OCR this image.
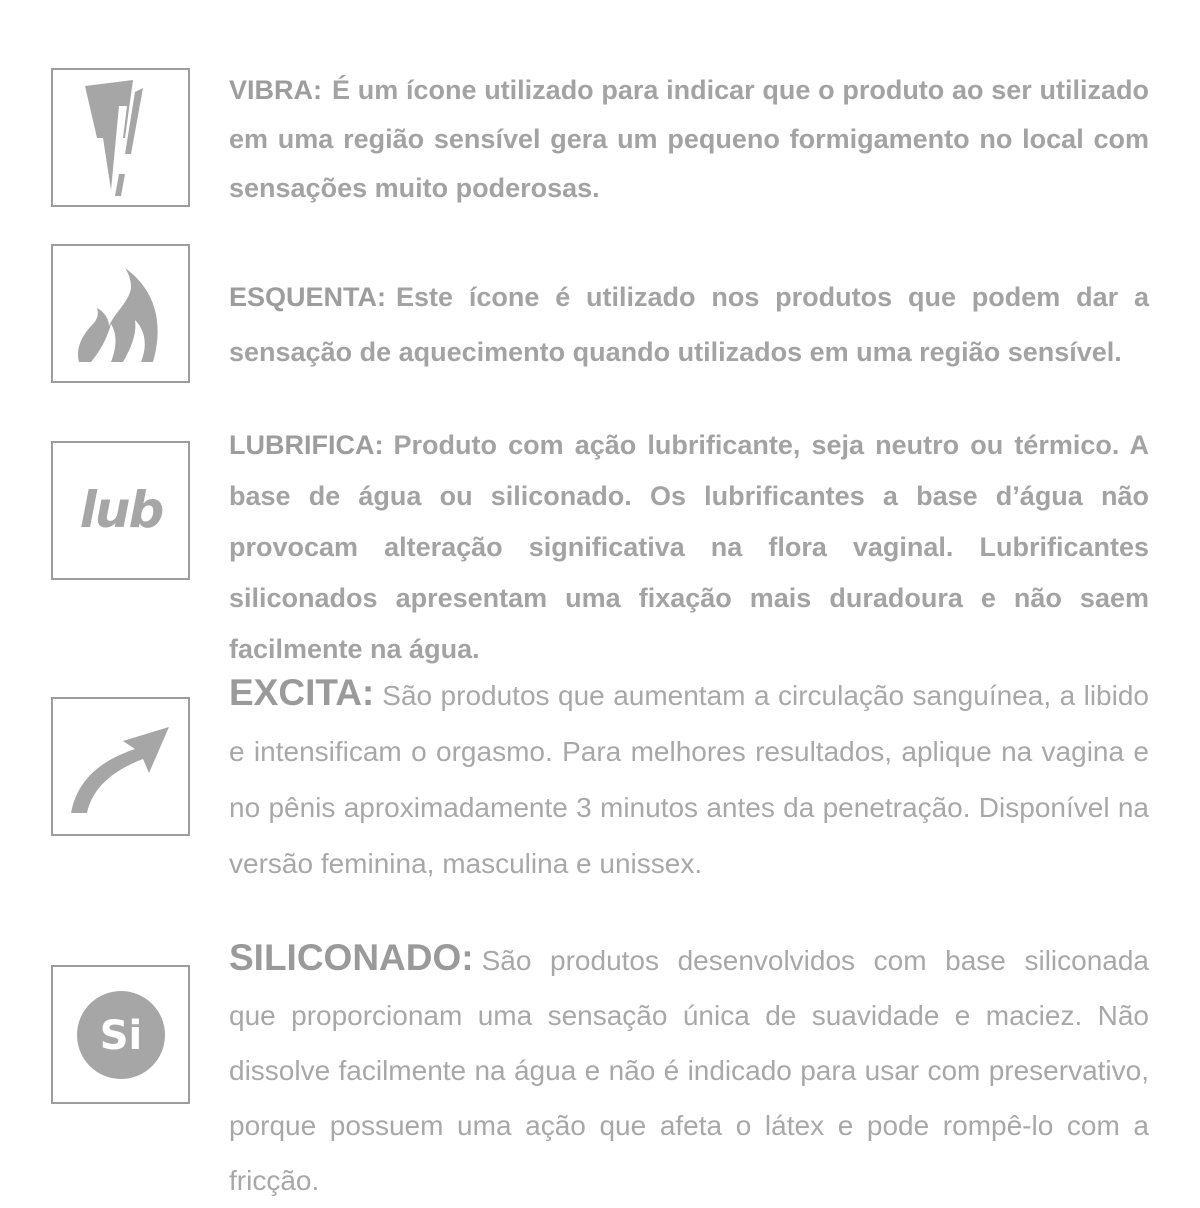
VIBRA: É um ícone utilizado para indicar que o produto ao ser utilizado em uma região sensível gera um pequeno formigamento no local com sensações muito poderosas.

ESQUENTA: Este ícone é utilizado nos produtos que podem dar a sensação de aquecimento quando utilizados em uma região sensível.

lub

LUBRIFICA: Produto com ação lubrificante, seja neutro ou térmico. A base de água ou siliconado. Os lubrificantes a base d’água não provocam alteração significativa na flora vaginal. Lubrificantes siliconados apresentam uma fixação mais duradoura e não saem facilmente na água.

EXCITA: São produtos que aumentam a circulação sanguínea, a libido e intensificam o orgasmo. Para melhores resultados, aplique na vagina e no pênis aproximadamente 3 minutos antes da penetração. Disponível na versão feminina, masculina e unissex.

Si

SILICONADO: São produtos desenvolvidos com base siliconada que proporcionam uma sensação única de suavidade e maciez. Não dissolve facilmente na água e não é indicado para usar com preservativo, porque possuem uma ação que afeta o látex e pode rompê-lo com a fricção.
